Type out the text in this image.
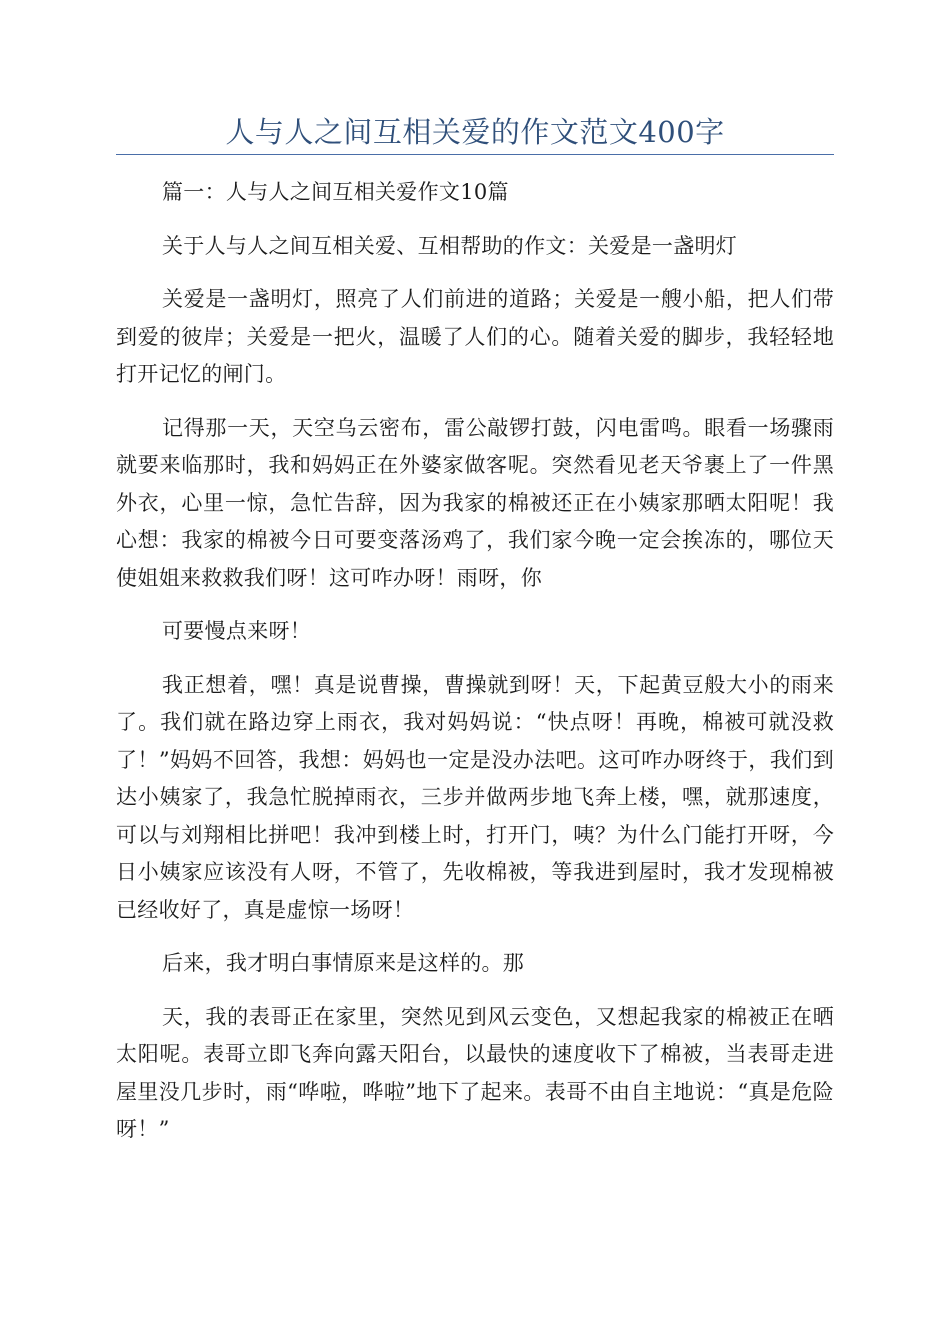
人与人之间互相关爱的作文范文400字

篇一：人与人之间互相关爱作文10篇

关于人与人之间互相关爱、互相帮助的作文：关爱是一盏明灯

关爱是一盏明灯，照亮了人们前进的道路；关爱是一艘小船，把人们带到爱的彼岸；关爱是一把火，温暖了人们的心。随着关爱的脚步，我轻轻地打开记忆的闸门。

记得那一天，天空乌云密布，雷公敲锣打鼓，闪电雷鸣。眼看一场骤雨就要来临那时，我和妈妈正在外婆家做客呢。突然看见老天爷裹上了一件黑外衣，心里一惊，急忙告辞，因为我家的棉被还正在小姨家那晒太阳呢！我心想：我家的棉被今日可要变落汤鸡了，我们家今晚一定会挨冻的，哪位天使姐姐来救救我们呀！这可咋办呀！雨呀，你

可要慢点来呀！

我正想着，嘿！真是说曹操，曹操就到呀！天，下起黄豆般大小的雨来了。我们就在路边穿上雨衣，我对妈妈说：“快点呀！再晚，棉被可就没救了！”妈妈不回答，我想：妈妈也一定是没办法吧。这可咋办呀终于，我们到达小姨家了，我急忙脱掉雨衣，三步并做两步地飞奔上楼，嘿，就那速度，可以与刘翔相比拼吧！我冲到楼上时，打开门，咦？为什么门能打开呀，今日小姨家应该没有人呀，不管了，先收棉被，等我进到屋时，我才发现棉被已经收好了，真是虚惊一场呀！

后来，我才明白事情原来是这样的。那

天，我的表哥正在家里，突然见到风云变色，又想起我家的棉被正在晒太阳呢。表哥立即飞奔向露天阳台，以最快的速度收下了棉被，当表哥走进屋里没几步时，雨“哗啦，哗啦”地下了起来。表哥不由自主地说：“真是危险呀！”
